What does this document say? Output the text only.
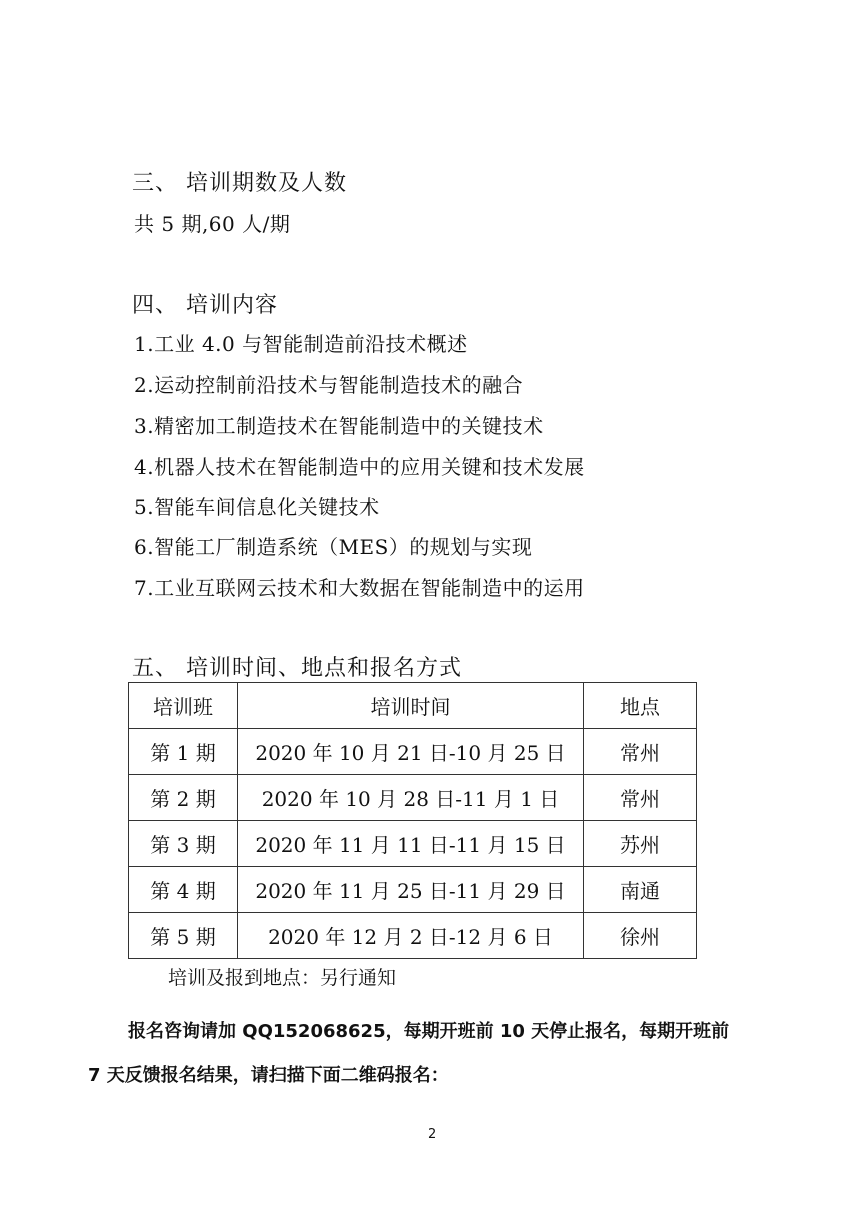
三、 培训期数及人数
共 5 期,60 人/期
四、 培训内容
1.工业 4.0 与智能制造前沿技术概述
2.运动控制前沿技术与智能制造技术的融合
3.精密加工制造技术在智能制造中的关键技术
4.机器人技术在智能制造中的应用关键和技术发展
5.智能车间信息化关键技术
6.智能工厂制造系统（MES）的规划与实现
7.工业互联网云技术和大数据在智能制造中的运用
五、 培训时间、地点和报名方式
培训班	培训时间	地点
第 1 期	2020 年 10 月 21 日-10 月 25 日	常州
第 2 期	2020 年 10 月 28 日-11 月 1 日	常州
第 3 期	2020 年 11 月 11 日-11 月 15 日	苏州
第 4 期	2020 年 11 月 25 日-11 月 29 日	南通
第 5 期	2020 年 12 月 2 日-12 月 6 日	徐州
培训及报到地点：另行通知
报名咨询请加 QQ152068625，每期开班前 10 天停止报名，每期开班前
7 天反馈报名结果，请扫描下面二维码报名：
2
